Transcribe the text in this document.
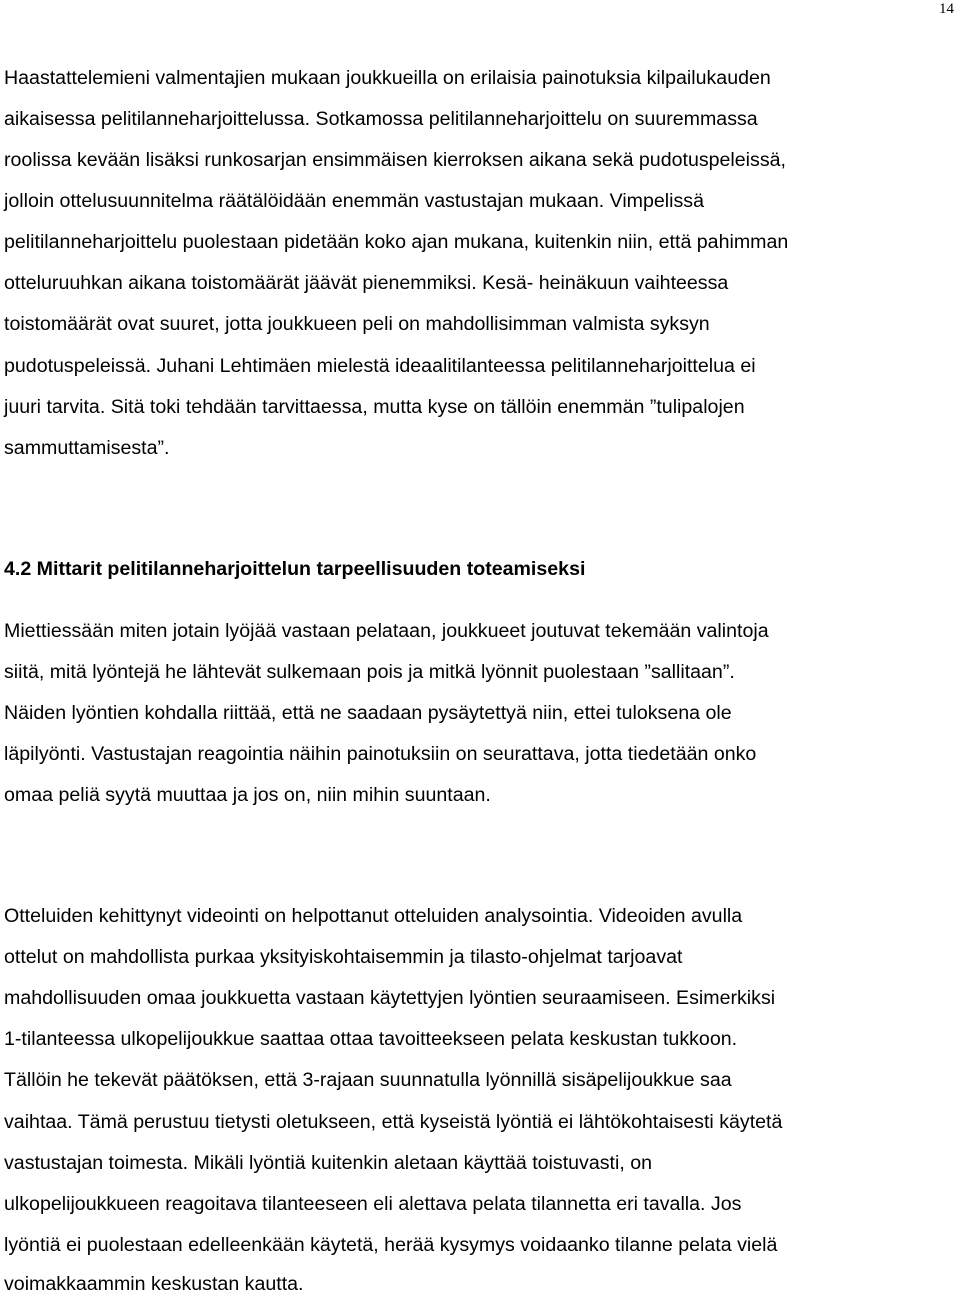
14
Haastattelemieni valmentajien mukaan joukkueilla on erilaisia painotuksia kilpailukauden
aikaisessa pelitilanneharjoittelussa. Sotkamossa pelitilanneharjoittelu on suuremmassa
roolissa kevään lisäksi runkosarjan ensimmäisen kierroksen aikana sekä pudotuspeleissä,
jolloin ottelusuunnitelma räätälöidään enemmän vastustajan mukaan. Vimpelissä
pelitilanneharjoittelu puolestaan pidetään koko ajan mukana, kuitenkin niin, että pahimman
otteluruuhkan aikana toistomäärät jäävät pienemmiksi. Kesä- heinäkuun vaihteessa
toistomäärät ovat suuret, jotta joukkueen peli on mahdollisimman valmista syksyn
pudotuspeleissä. Juhani Lehtimäen mielestä ideaalitilanteessa pelitilanneharjoittelua ei
juuri tarvita. Sitä toki tehdään tarvittaessa, mutta kyse on tällöin enemmän ”tulipalojen
sammuttamisesta”.
4.2 Mittarit pelitilanneharjoittelun tarpeellisuuden toteamiseksi
Miettiessään miten jotain lyöjää vastaan pelataan, joukkueet joutuvat tekemään valintoja
siitä, mitä lyöntejä he lähtevät sulkemaan pois ja mitkä lyönnit puolestaan ”sallitaan”.
Näiden lyöntien kohdalla riittää, että ne saadaan pysäytettyä niin, ettei tuloksena ole
läpilyönti. Vastustajan reagointia näihin painotuksiin on seurattava, jotta tiedetään onko
omaa peliä syytä muuttaa ja jos on, niin mihin suuntaan.
Otteluiden kehittynyt videointi on helpottanut otteluiden analysointia. Videoiden avulla
ottelut on mahdollista purkaa yksityiskohtaisemmin ja tilasto-ohjelmat tarjoavat
mahdollisuuden omaa joukkuetta vastaan käytettyjen lyöntien seuraamiseen. Esimerkiksi
1-tilanteessa ulkopelijoukkue saattaa ottaa tavoitteekseen pelata keskustan tukkoon.
Tällöin he tekevät päätöksen, että 3-rajaan suunnatulla lyönnillä sisäpelijoukkue saa
vaihtaa. Tämä perustuu tietysti oletukseen, että kyseistä lyöntiä ei lähtökohtaisesti käytetä
vastustajan toimesta. Mikäli lyöntiä kuitenkin aletaan käyttää toistuvasti, on
ulkopelijoukkueen reagoitava tilanteeseen eli alettava pelata tilannetta eri tavalla. Jos
lyöntiä ei puolestaan edelleenkään käytetä, herää kysymys voidaanko tilanne pelata vielä
voimakkaammin keskustan kautta.
